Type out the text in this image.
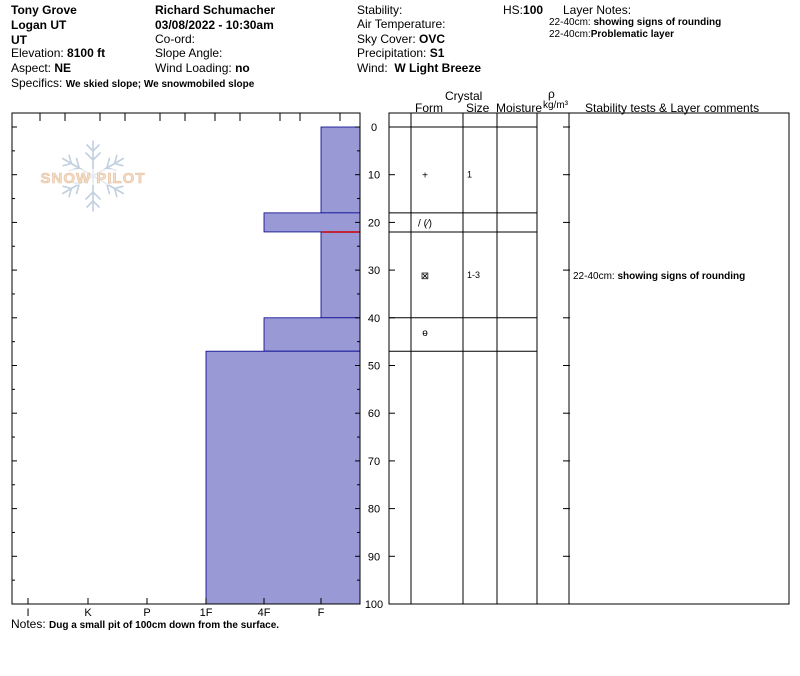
Tony Grove
Logan UT
UT
Elevation: 8100 ft
Aspect: NE
Specifics: We skied slope; We snowmobiled slope
Richard Schumacher
03/08/2022 - 10:30am
Co-ord:
Slope Angle:
Wind Loading: no
Stability:
Air Temperature:
Sky Cover: OVC
Precipitation: S1
Wind: W Light Breeze
HS:100 Layer Notes:
22-40cm: showing signs of rounding
22-40cm:Problematic layer
Crystal
Form Size Moisture
ρ
kg/m³ Stability tests & Layer comments
Notes: Dug a small pit of 100cm down from the surface.
SNOW PILOT
0
10
20
30
40
50
60
70
80
90
100
I	K	P	1F	4F	F
+	1
/ (⁄)
⊠	1-3
ө
22-40cm: showing signs of rounding
